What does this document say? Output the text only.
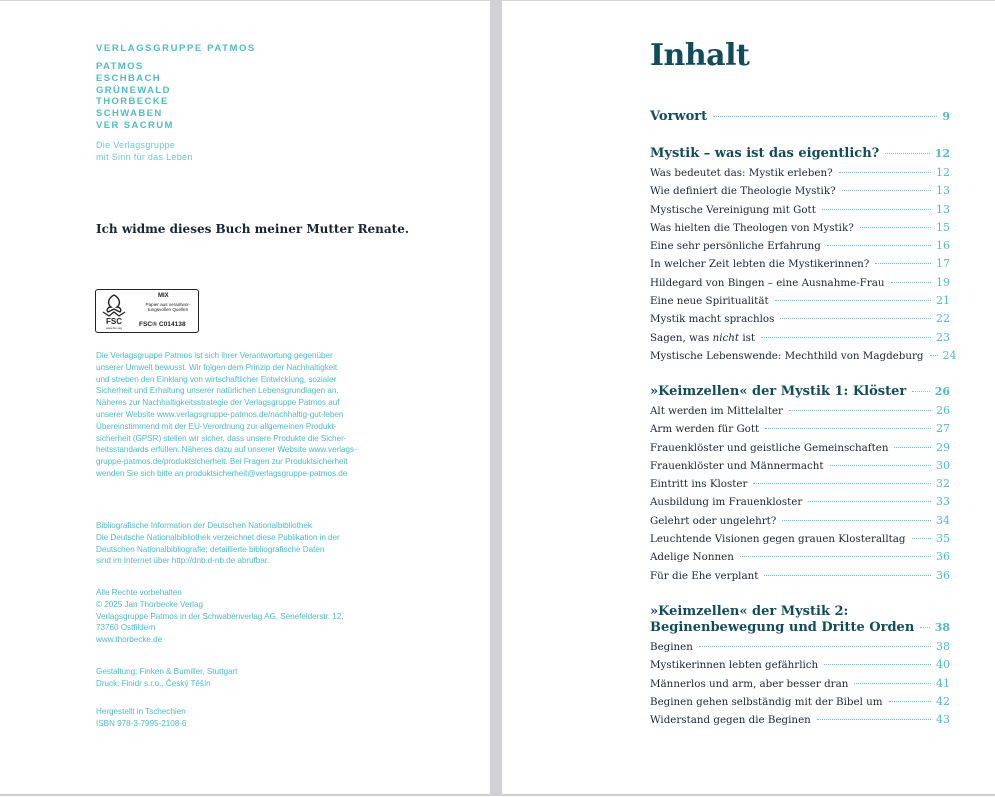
VERLAGSGRUPPE PATMOS
PATMOS
ESCHBACH
GRÜNEWALD
THORBECKE
SCHWABEN
VER SACRUM
Die Verlagsgruppe
mit Sinn für das Leben
Ich widme dieses Buch meiner Mutter Renate.
FSC
www.fsc.org
MIX
Papier aus verantwor-tungsvollen Quellen
FSC® C014138
Die Verlagsgruppe Patmos ist sich ihrer Verantwortung gegenüber
unserer Umwelt bewusst. Wir folgen dem Prinzip der Nachhaltigkeit
und streben den Einklang von wirtschaftlicher Entwicklung, sozialer
Sicherheit und Erhaltung unserer natürlichen Lebensgrundlagen an.
Näheres zur Nachhaltigkeitsstrategie der Verlagsgruppe Patmos auf
unserer Website www.verlagsgruppe-patmos.de/nachhaltig-gut-leben
Übereinstimmend mit der EU-Verordnung zur allgemeinen Produkt-
sicherheit (GPSR) stellen wir sicher, dass unsere Produkte die Sicher-
heitsstandards erfüllen. Näheres dazu auf unserer Website www.verlags-
gruppe-patmos.de/produktsicherheit. Bei Fragen zur Produktsicherheit
wenden Sie sich bitte an produktsicherheit@verlagsgruppe-patmos.de
Bibliografische Information der Deutschen Nationalbibliothek
Die Deutsche Nationalbibliothek verzeichnet diese Publikation in der
Deutschen Nationalbibliografie; detaillierte bibliografische Daten
sind im Internet über http://dnb.d-nb.de abrufbar.
Alle Rechte vorbehalten
© 2025 Jan Thorbecke Verlag
Verlagsgruppe Patmos in der Schwabenverlag AG, Senefelderstr. 12,
73760 Ostfildern
www.thorbecke.de
Gestaltung: Finken & Bumiller, Stuttgart
Druck: Finidr s.r.o., Český Těšín
Hergestellt in Tschechien
ISBN 978-3-7995-2108-6
Inhalt
Vorwort	9
Mystik – was ist das eigentlich?	12
Was bedeutet das: Mystik erleben?	12
Wie definiert die Theologie Mystik?	13
Mystische Vereinigung mit Gott	13
Was hielten die Theologen von Mystik?	15
Eine sehr persönliche Erfahrung	16
In welcher Zeit lebten die Mystikerinnen?	17
Hildegard von Bingen – eine Ausnahme-Frau	19
Eine neue Spiritualität	21
Mystik macht sprachlos	22
Sagen, was nicht ist	23
Mystische Lebenswende: Mechthild von Magdeburg 24
»Keimzellen« der Mystik 1: Klöster	26
Alt werden im Mittelalter	26
Arm werden für Gott	27
Frauenklöster und geistliche Gemeinschaften	29
Frauenklöster und Männermacht	30
Eintritt ins Kloster	32
Ausbildung im Frauenkloster	33
Gelehrt oder ungelehrt?	34
Leuchtende Visionen gegen grauen Klosteralltag	35
Adelige Nonnen	36
Für die Ehe verplant	36
»Keimzellen« der Mystik 2:
Beginenbewegung und Dritte Orden 38
Beginen	38
Mystikerinnen lebten gefährlich	40
Männerlos und arm, aber besser dran	41
Beginen gehen selbständig mit der Bibel um	42
Widerstand gegen die Beginen	43
